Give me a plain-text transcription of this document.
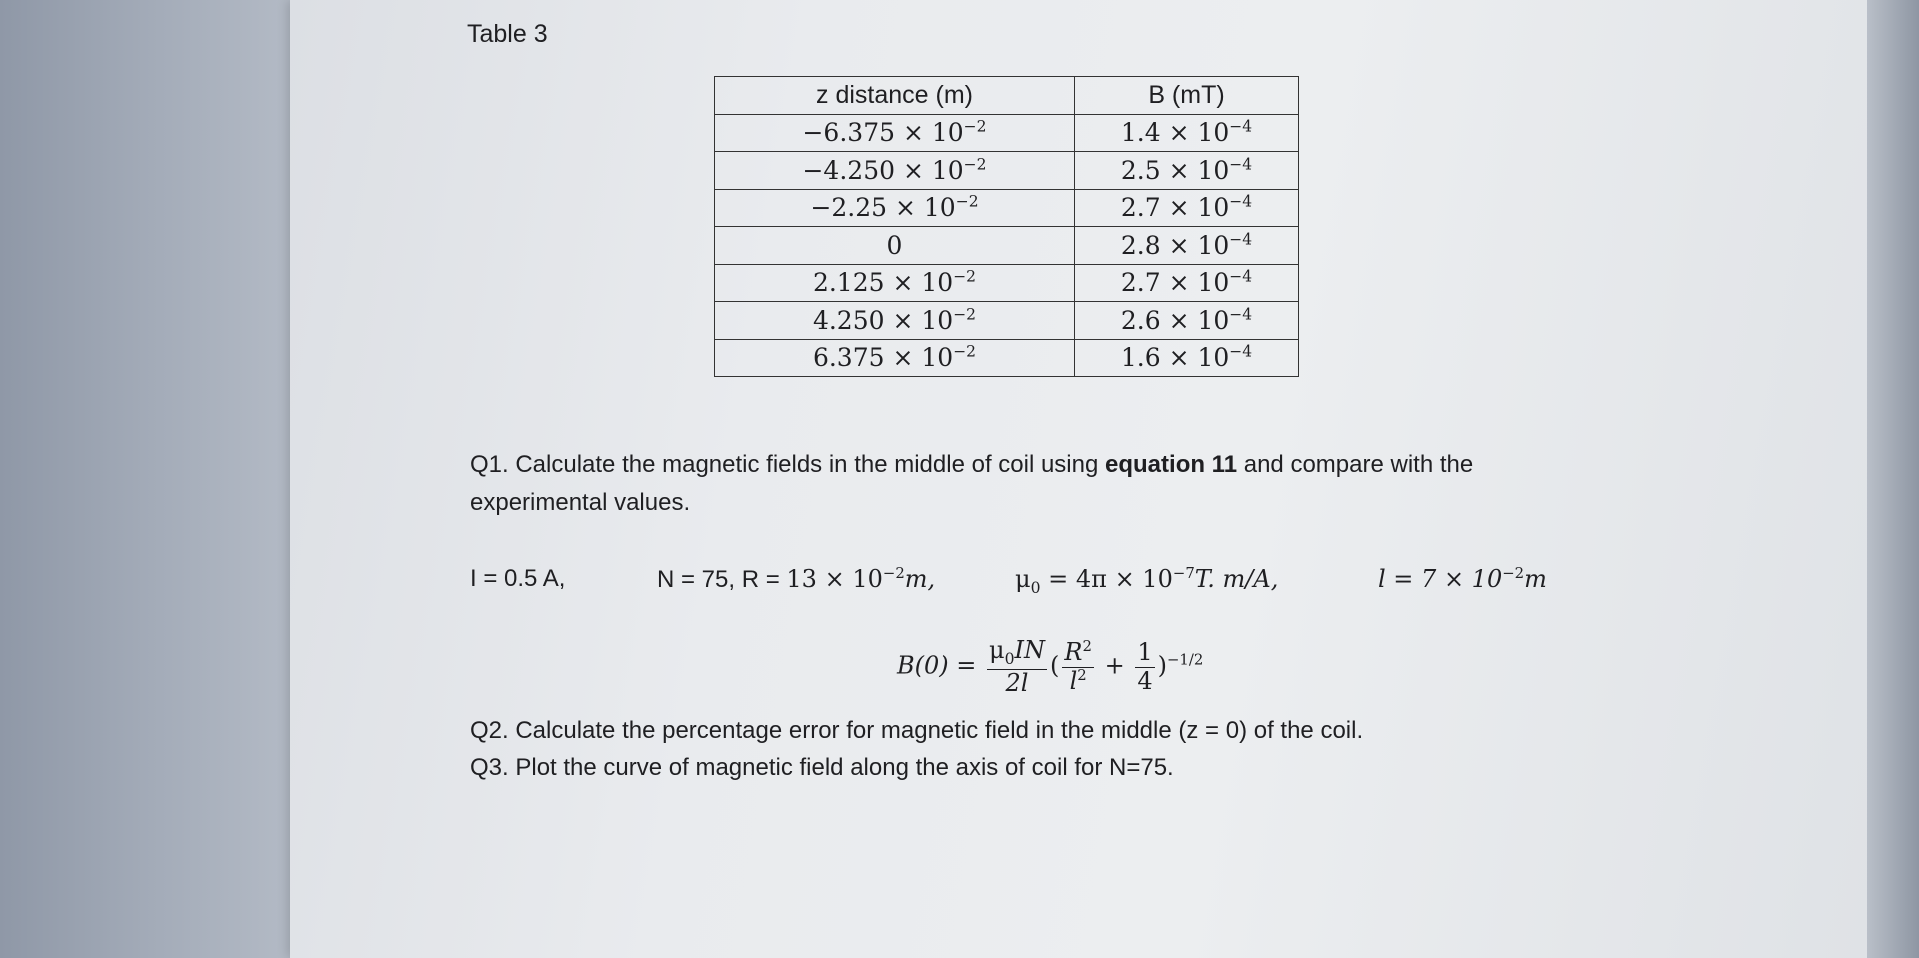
Table 3
z distance (m)	B (mT)
$-6.375 \times 10^{-2}$	$1.4 \times 10^{-4}$
$-4.250 \times 10^{-2}$	$2.5 \times 10^{-4}$
$-2.25 \times 10^{-2}$	$2.7 \times 10^{-4}$
0	$2.8 \times 10^{-4}$
$2.125 \times 10^{-2}$	$2.7 \times 10^{-4}$
$4.250 \times 10^{-2}$	$2.6 \times 10^{-4}$
$6.375 \times 10^{-2}$	$1.6 \times 10^{-4}$
Q1. Calculate the magnetic fields in the middle of coil using equation 11 and compare with the
experimental values.
I = 0.5 A,	N = 75, $R = 13 \times 10^{-2}m$,	$\mu_0 = 4\pi \times 10^{-7}T$. m/A,	$l = 7 \times 10^{-2}m$
$B(0) = \frac{\mu_0IN}{2l}$ ( $\frac{R^2}{l^2} + \frac{1}{4} )^{-1/2}$
Q2. Calculate the percentage error for magnetic field in the middle (z = 0) of the coil.
Q3. Plot the curve of magnetic field along the axis of coil for N=75.
